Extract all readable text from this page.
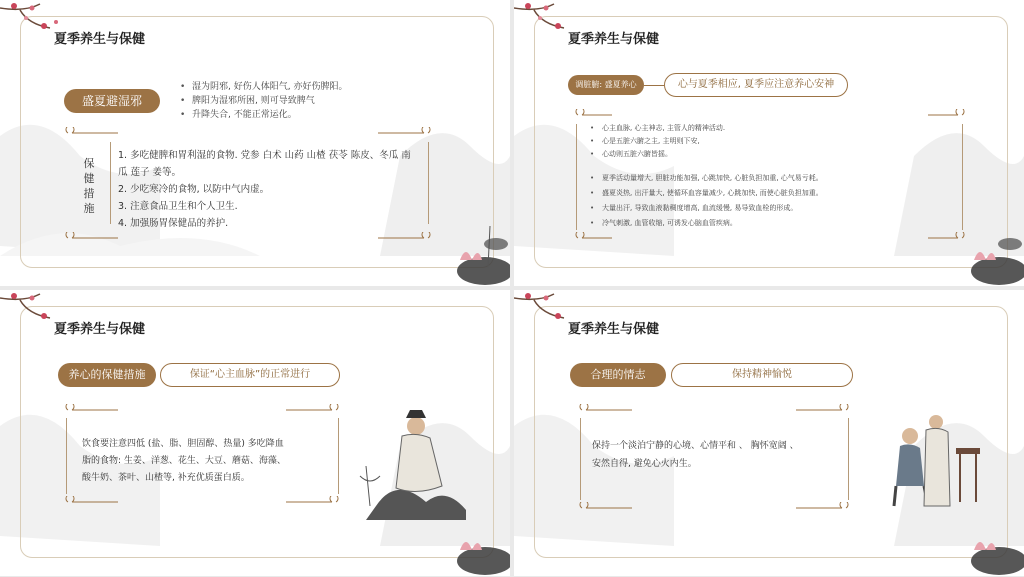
夏季养生与保健
盛夏避湿邪
• 湿为阴邪, 好伤人体阳气, 亦好伤脾阳。
• 脾阳为湿邪所困, 则可导致脾气
• 升降失合, 不能正常运化。
保健措施
1. 多吃健脾和胃利湿的食物. 党参 白术 山药 山楂 茯苓 陈皮、冬瓜 南
瓜 莲子 姜等。
2. 少吃寒冷的食物, 以防中气内虚。
3. 注意食品卫生和个人卫生.
4. 加强肠胃保健品的养护.
夏季养生与保健
调脏腑: 盛夏养心	心与夏季相应, 夏季应注意养心安神
• 心主血脉, 心主神志, 主管人的精神活动.
• 心是五脏六腑之主, 主明则下安,
• 心动则五脏六腑皆摇。
• 夏季活动量增大, 胆脏功能加强, 心跳加快, 心脏负担加重, 心气易亏耗。
• 盛夏炎热, 出汗量大, 使循环血容量减少, 心跳加快, 而使心脏负担加重。
• 大量出汗, 导致血液黏稠度增高, 血流缓慢, 易导致血栓的形成。
• 冷气刺激, 血管收缩, 可诱发心脑血管疾病。
夏季养生与保健
养心的保健措施	保证“心主血脉”的正常进行
饮食要注意四低 (盐、脂、胆固醇、热量) 多吃降血
脂的食物: 生姜、洋葱、花生、大豆、蘑菇、海藻、
酸牛奶、茶叶、山楂等, 补充优质蛋白质。
夏季养生与保健
合理的情志	保持精神愉悦
保持一个淡泊宁静的心境、心情平和 、 胸怀宽阔 、
安然自得, 避免心火内生。
